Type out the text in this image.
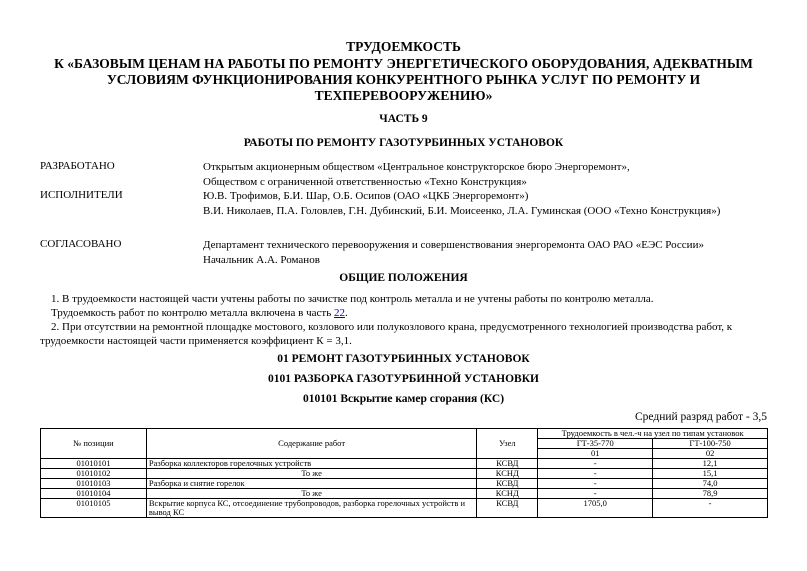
ТРУДОЕМКОСТЬ
К «БАЗОВЫМ ЦЕНАМ НА РАБОТЫ ПО РЕМОНТУ ЭНЕРГЕТИЧЕСКОГО ОБОРУДОВАНИЯ, АДЕКВАТНЫМ
УСЛОВИЯМ ФУНКЦИОНИРОВАНИЯ КОНКУРЕНТНОГО РЫНКА УСЛУГ ПО РЕМОНТУ И
ТЕХПЕРЕВООРУЖЕНИЮ»
ЧАСТЬ 9
РАБОТЫ ПО РЕМОНТУ ГАЗОТУРБИННЫХ УСТАНОВОК
РАЗРАБОТАНО	Открытым акционерным обществом «Центральное конструкторское бюро Энергоремонт»,
Обществом с ограниченной ответственностью «Техно Конструкция»
ИСПОЛНИТЕЛИ	Ю.В. Трофимов, Б.И. Шар, О.Б. Осипов (ОАО «ЦКБ Энергоремонт»)
В.И. Николаев, П.А. Головлев, Г.Н. Дубинский, Б.И. Моисеенко, Л.А. Гуминская (ООО «Техно Конструкция»)
СОГЛАСОВАНО	Департамент технического перевооружения и совершенствования энергоремонта ОАО РАО «ЕЭС России»
Начальник А.А. Романов
ОБЩИЕ ПОЛОЖЕНИЯ
1. В трудоемкости настоящей части учтены работы по зачистке под контроль металла и не учтены работы по контролю металла.
Трудоемкость работ по контролю металла включена в часть 22.
2. При отсутствии на ремонтной площадке мостового, козлового или полукозлового крана, предусмотренного технологией производства работ, к
трудоемкости настоящей части применяется коэффициент К = 3,1.
01 РЕМОНТ ГАЗОТУРБИННЫХ УСТАНОВОК
0101 РАЗБОРКА ГАЗОТУРБИННОЙ УСТАНОВКИ
010101 Вскрытие камер сгорания (КС)
Средний разряд работ - 3,5
№ позиции	Содержание работ	Узел	Трудоемкость в чел.-ч на узел по типам установок	
			ГТ-35-770	ГТ-100-750
			01	02
01010101	Разборка коллекторов горелочных устройств	КСВД	-	12,1
01010102	То же	КСНД	-	15,1
01010103	Разборка и снятие горелок	КСВД	-	74,0
01010104	То же	КСНД	-	78,9
01010105	Вскрытие корпуса КС, отсоединение трубопроводов, разборка горелочных устройств и вывод КС	КСВД	1705,0	-
